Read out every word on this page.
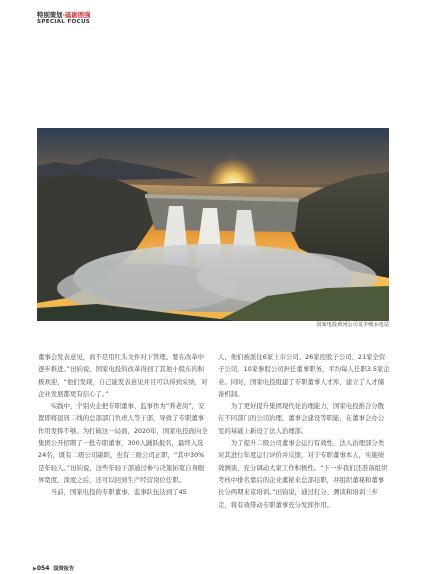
特别策划·砥砺图强
SPECIAL FOCUS
国家电投黄河公司龙羊峡水电站

董事会发表意见，而不是用红头文件对下管理。要在改革中逐步推进。”田钧说，国家电投的改革得到了其他小股东的积极欢迎，“他们发现，自己能发表意见并且可以得到采纳，对企业发展都更有信心了。”

实践中，个别央企把专职董事、监事作为“养老岗”，安置即将退居二线的总部部门负责人等干部，导致了专职董事作用发挥不够。为打破这一局面，2020年，国家电投面向全集团公开招聘了一批专职董事，300人踊跃报名，最终入选24名，既有二级公司副职，也有三级公司正职，“其中30%是年轻人。”田钧说，这些年轻干部通过参与决策拓宽自身眼界宽度、深度之后，还可以回到生产经营岗位任职。

当前，国家电投的专职董事、监事队伍达到了45

人，他们被派往6家上市公司、26家控股子公司、21家全资子公司，10家参股公司担任董事职务，平均每人任职3.5家企业。同时，国家电投组建了专职董事人才库，建立了人才储备机制。

为了更好提升集团现代化治理能力，国家电投推合分散在不同部门的公司治理，董事会建设等职能，在董事会办公室的基础上新设了法人治理部。

为了提升二级公司董事会运行有效性，法人治理部分类对其进行年度运行评价并反馈，对于专职董事本人，实施绩效测谈，充分调动大家工作积极性。“下一步我们还准备组织考核中排名靠后的企业董秘来总部挂职，并组织董秘和董事长分两期来京培训。”田钧说，通过打分、测谈和培训三步走，将有效带动专职董事充分发挥作用。

▶054 国资报告
